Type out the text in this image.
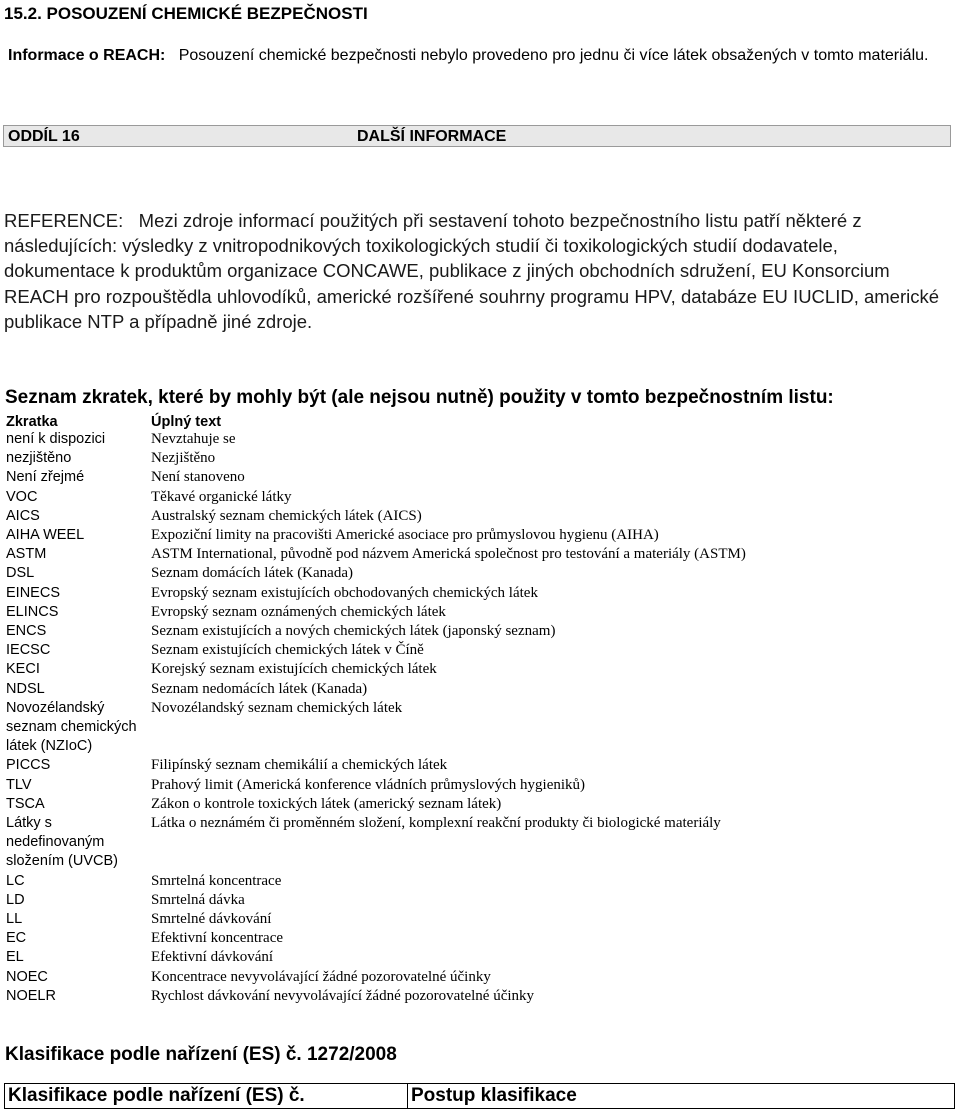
15.2. POSOUZENÍ CHEMICKÉ BEZPEČNOSTI
Informace o REACH: Posouzení chemické bezpečnosti nebylo provedeno pro jednu či více látek obsažených v tomto materiálu.
ODDÍL 16	DALŠÍ INFORMACE
REFERENCE: Mezi zdroje informací použitých při sestavení tohoto bezpečnostního listu patří některé z následujících: výsledky z vnitropodnikových toxikologických studií či toxikologických studií dodavatele, dokumentace k produktům organizace CONCAWE, publikace z jiných obchodních sdružení, EU Konsorcium REACH pro rozpouštědla uhlovodíků, americké rozšířené souhrny programu HPV, databáze EU IUCLID, americké publikace NTP a případně jiné zdroje.
Seznam zkratek, které by mohly být (ale nejsou nutně) použity v tomto bezpečnostním listu:
Zkratka	Úplný text
není k dispozici	Nevztahuje se
nezjištěno	Nezjištěno
Není zřejmé	Není stanoveno
VOC	Těkavé organické látky
AICS	Australský seznam chemických látek (AICS)
AIHA WEEL	Expoziční limity na pracovišti Americké asociace pro průmyslovou hygienu (AIHA)
ASTM	ASTM International, původně pod názvem Americká společnost pro testování a materiály (ASTM)
DSL	Seznam domácích látek (Kanada)
EINECS	Evropský seznam existujících obchodovaných chemických látek
ELINCS	Evropský seznam oznámených chemických látek
ENCS	Seznam existujících a nových chemických látek (japonský seznam)
IECSC	Seznam existujících chemických látek v Číně
KECI	Korejský seznam existujících chemických látek
NDSL	Seznam nedomácích látek (Kanada)
Novozélandský seznam chemických látek (NZIoC)	Novozélandský seznam chemických látek
PICCS	Filipínský seznam chemikálií a chemických látek
TLV	Prahový limit (Americká konference vládních průmyslových hygieniků)
TSCA	Zákon o kontrole toxických látek (americký seznam látek)
Látky s nedefinovaným složením (UVCB)	Látka o neznámém či proměnném složení, komplexní reakční produkty či biologické materiály
LC	Smrtelná koncentrace
LD	Smrtelná dávka
LL	Smrtelné dávkování
EC	Efektivní koncentrace
EL	Efektivní dávkování
NOEC	Koncentrace nevyvolávající žádné pozorovatelné účinky
NOELR	Rychlost dávkování nevyvolávající žádné pozorovatelné účinky
Klasifikace podle nařízení (ES) č. 1272/2008
Klasifikace podle nařízení (ES) č.	Postup klasifikace
